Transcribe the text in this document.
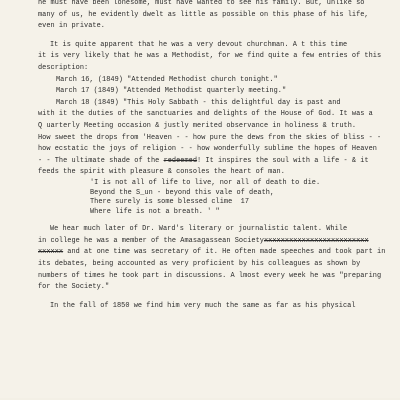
he must have been lonesome, must have wanted to see his family. But, unlike so
many of us, he evidently dwelt as little as possible on this phase of his life,
even in private.
It is quite apparent that he was a very devout churchman. A t this time
it is very likely that he was a Methodist, for we find quite a few entries of this
description:
March 16, (1849) "Attended Methodist church tonight."
March 17 (1849) "Attended Methodist quarterly meeting."
March 18 (1849) "This Holy Sabbath - this delightful day is past and
with it the duties of the sanctuaries and delights of the House of God. It was a
Q uarterly Meeting occasion & justly merited observance in holiness & truth.
How sweet the drops from 'Heaven - - how pure the dews from the skies of bliss - -
how ecstatic the joys of religion - - how wonderfully sublime the hopes of Heaven
- - The ultimate shade of the redeemed! It inspires the soul with a life - & it
feeds the spirit with pleasure & consoles the heart of man.
'I is not all of life to live, nor all of death to die.
Beyond the S_un - beyond this vale of death,
There surely is some blessed clime  17
Where life is not a breath. ' "
We hear much later of Dr. Ward's literary or journalistic talent. While
in college he was a member of the Amasagassean Societyxxxxxxxxxxxxxxxxxxxxxxxxx
xxxxxx and at one time was secretary of it. He often made speeches and took part in
its debates, being accounted as very proficient by his colleagues as shown by
numbers of times he took part in discussions. A lmost every week he was "preparing
for the Society."
In the fall of 1850 we find him very much the same as far as his physical
